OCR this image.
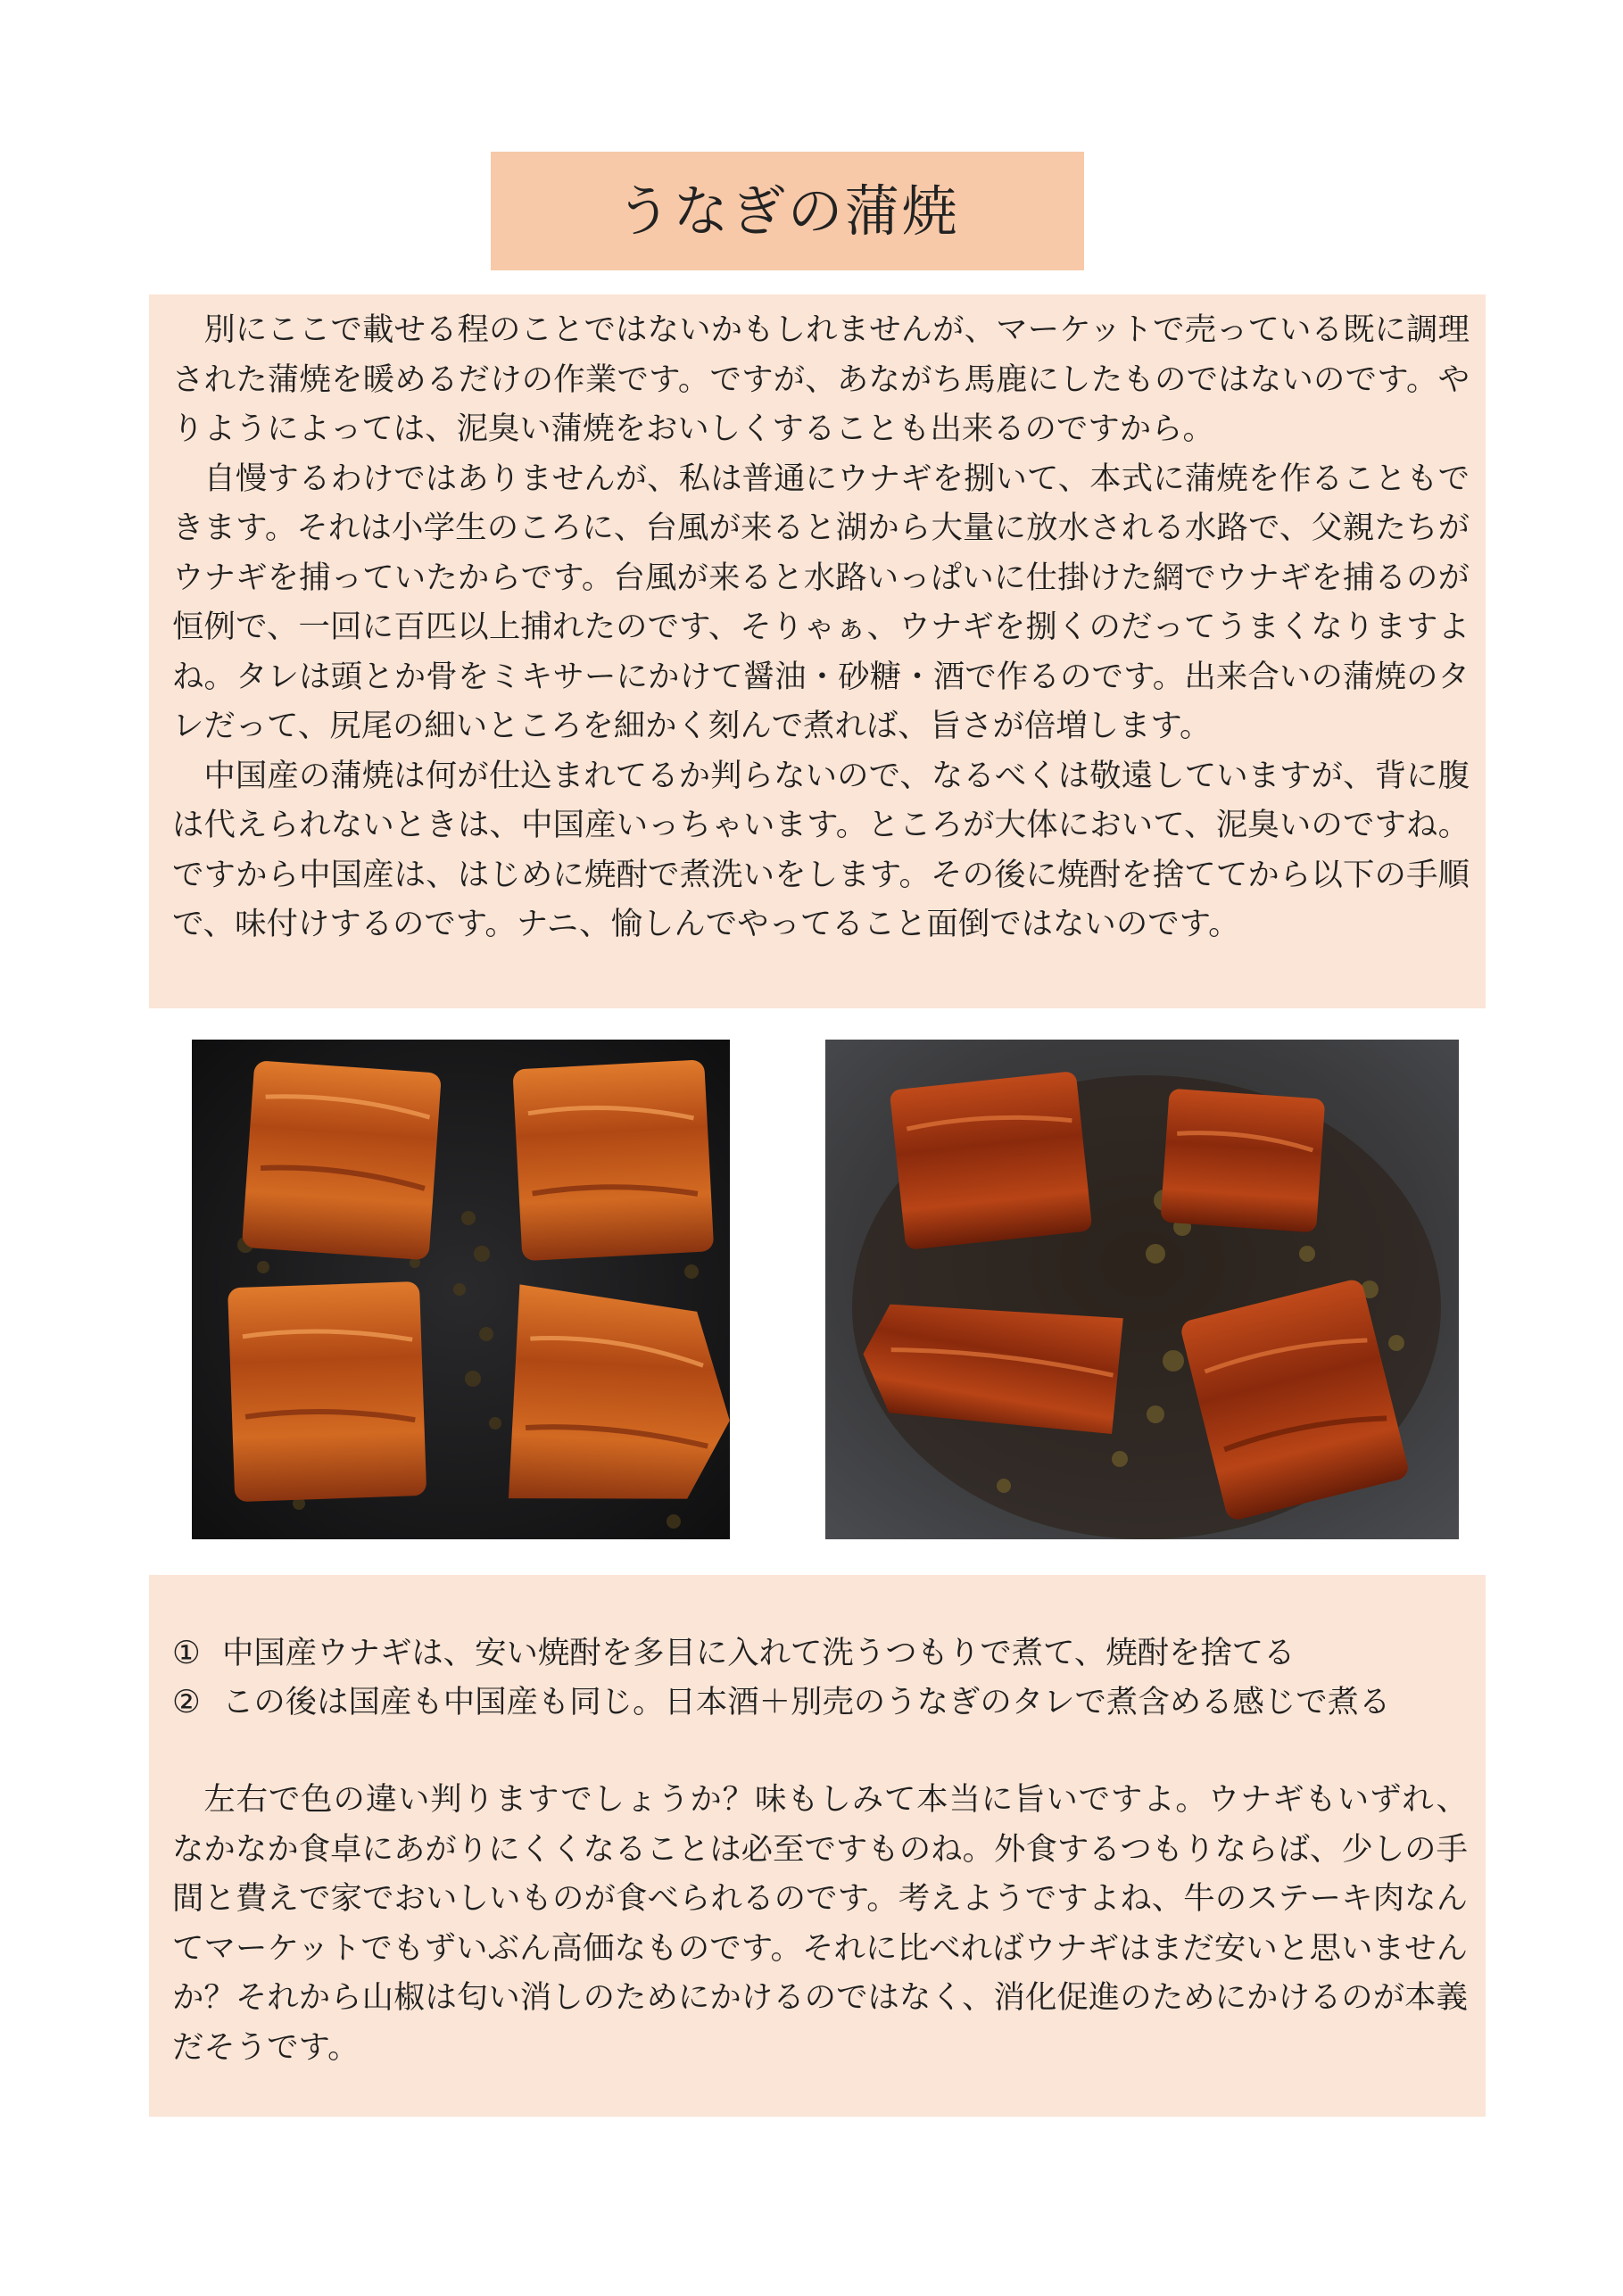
うなぎの蒲焼

別にここで載せる程のことではないかもしれませんが、マーケットで売っている既に調理された蒲焼を暖めるだけの作業です。ですが、あながち馬鹿にしたものではないのです。やりようによっては、泥臭い蒲焼をおいしくすることも出来るのですから。

自慢するわけではありませんが、私は普通にウナギを捌いて、本式に蒲焼を作ることもできます。それは小学生のころに、台風が来ると湖から大量に放水される水路で、父親たちがウナギを捕っていたからです。台風が来ると水路いっぱいに仕掛けた網でウナギを捕るのが恒例で、一回に百匹以上捕れたのです、そりゃぁ、ウナギを捌くのだってうまくなりますよね。タレは頭とか骨をミキサーにかけて醤油・砂糖・酒で作るのです。出来合いの蒲焼のタレだって、尻尾の細いところを細かく刻んで煮れば、旨さが倍増します。

中国産の蒲焼は何が仕込まれてるか判らないので、なるべくは敬遠していますが、背に腹は代えられないときは、中国産いっちゃいます。ところが大体において、泥臭いのですね。ですから中国産は、はじめに焼酎で煮洗いをします。その後に焼酎を捨ててから以下の手順で、味付けするのです。ナニ、愉しんでやってること面倒ではないのです。

① 中国産ウナギは、安い焼酎を多目に入れて洗うつもりで煮て、焼酎を捨てる
② この後は国産も中国産も同じ。日本酒＋別売のうなぎのタレで煮含める感じで煮る

左右で色の違い判りますでしょうか？味もしみて本当に旨いですよ。ウナギもいずれ、なかなか食卓にあがりにくくなることは必至ですものね。外食するつもりならば、少しの手間と費えで家でおいしいものが食べられるのです。考えようですよね、牛のステーキ肉なんてマーケットでもずいぶん高価なものです。それに比べればウナギはまだ安いと思いませんか？それから山椒は匂い消しのためにかけるのではなく、消化促進のためにかけるのが本義だそうです。
